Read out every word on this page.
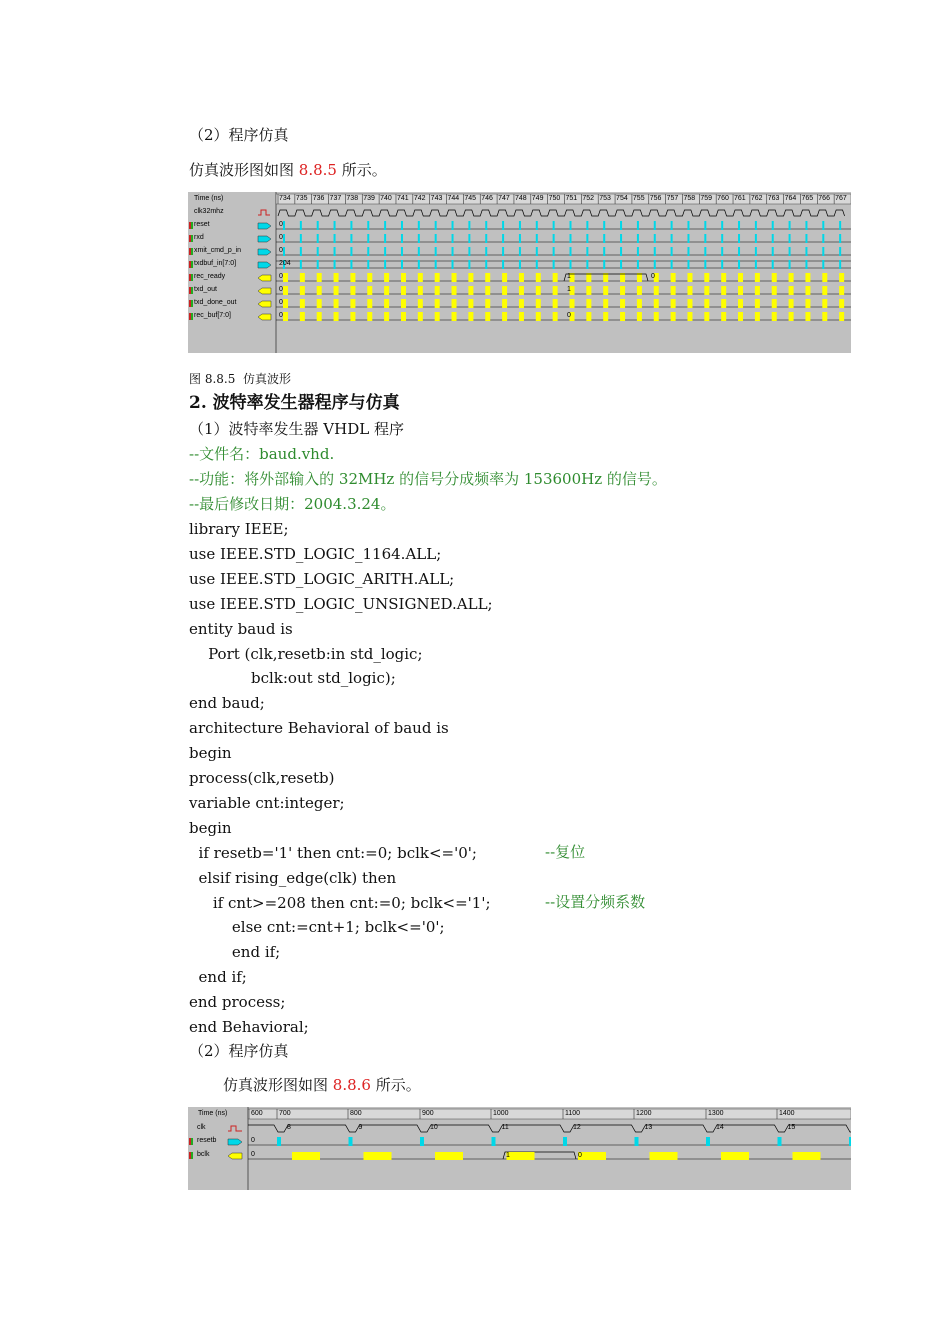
（2）程序仿真
仿真波形图如图 8.8.5 所示。
Time (ns)
clk32mhz
reset
rxd
xmit_cmd_p_in
txdbuf_in[7:0]
rec_ready
txd_out
txd_done_out
rec_buf[7:0]
734 735 736 737 738 739 740 741 742 743 744 745 746 747 748 749 750 751 752 753 754 755 756 757 758 759 760 761 762 763 764 765 766 767
0
0
0
204
0
0
0
0
1	0
1
0
图 8.8.5  仿真波形
2. 波特率发生器程序与仿真
（1）波特率发生器 VHDL 程序
--文件名：baud.vhd.
--功能：将外部输入的 32MHz 的信号分成频率为 153600Hz 的信号。
--最后修改日期：2004.3.24。
library IEEE;
use IEEE.STD_LOGIC_1164.ALL;
use IEEE.STD_LOGIC_ARITH.ALL;
use IEEE.STD_LOGIC_UNSIGNED.ALL;
entity baud is
Port (clk,resetb:in std_logic;
bclk:out std_logic);
end baud;
architecture Behavioral of baud is
begin
process(clk,resetb)
variable cnt:integer;
begin
if resetb='1' then cnt:=0; bclk<='0';
elsif rising_edge(clk) then
if cnt>=208 then cnt:=0; bclk<='1';
else cnt:=cnt+1; bclk<='0';
end if;
end if;
end process;
end Behavioral;
--复位
--设置分频系数
（2）程序仿真
仿真波形图如图 8.8.6 所示。
Time (ns)
clk
resetb
bclk
600 700	800	900	1000	1100	1200	1300	1400
8	9	10	11	12	13	14	15
0
0	1	0
